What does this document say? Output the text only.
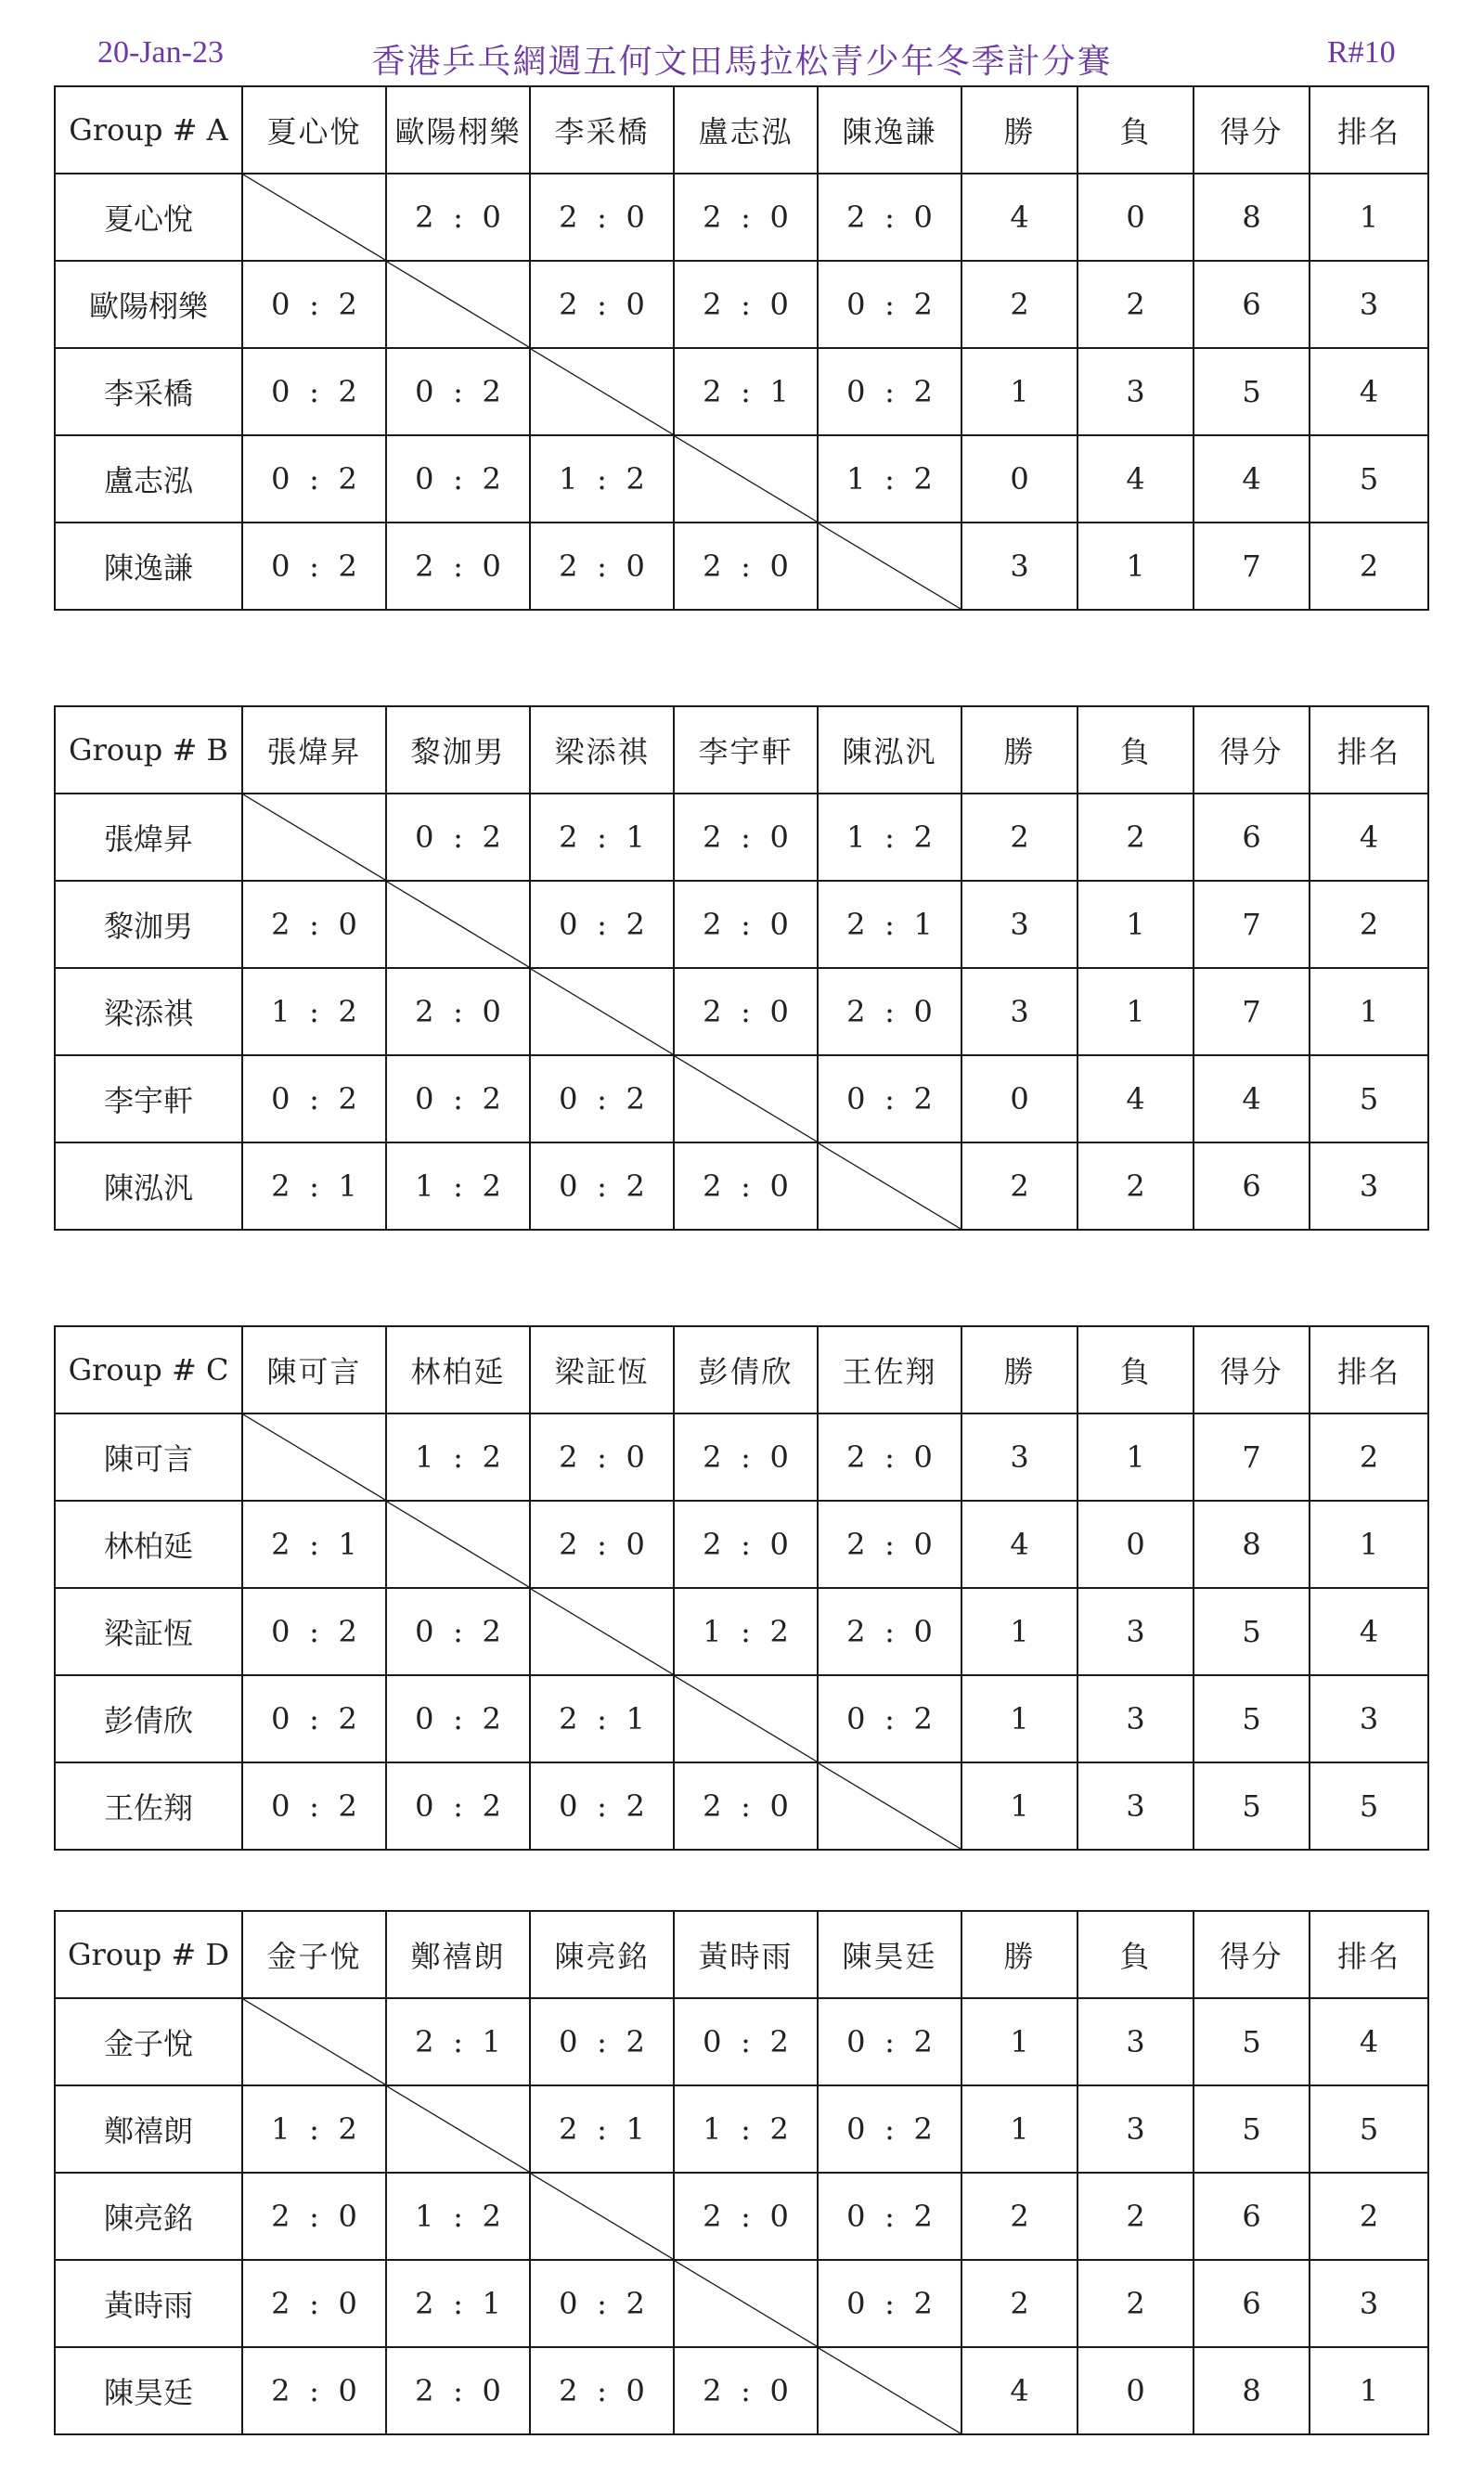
20-Jan-23	香港乒乓網週五何文田馬拉松青少年冬季計分賽	R#10
Group # A	夏心悅	歐陽栩樂	李采橋	盧志泓	陳逸謙	勝	負	得分	排名
夏心悅		2 : 0	2 : 0	2 : 0	2 : 0	4	0	8	1
歐陽栩樂	0 : 2		2 : 0	2 : 0	0 : 2	2	2	6	3
李采橋	0 : 2	0 : 2		2 : 1	0 : 2	1	3	5	4
盧志泓	0 : 2	0 : 2	1 : 2		1 : 2	0	4	4	5
陳逸謙	0 : 2	2 : 0	2 : 0	2 : 0		3	1	7	2
Group # B	張煒昇	黎泇男	梁添祺	李宇軒	陳泓汎	勝	負	得分	排名
張煒昇		0 : 2	2 : 1	2 : 0	1 : 2	2	2	6	4
黎泇男	2 : 0		0 : 2	2 : 0	2 : 1	3	1	7	2
梁添祺	1 : 2	2 : 0		2 : 0	2 : 0	3	1	7	1
李宇軒	0 : 2	0 : 2	0 : 2		0 : 2	0	4	4	5
陳泓汎	2 : 1	1 : 2	0 : 2	2 : 0		2	2	6	3
Group # C	陳可言	林柏延	梁証恆	彭倩欣	王佐翔	勝	負	得分	排名
陳可言		1 : 2	2 : 0	2 : 0	2 : 0	3	1	7	2
林柏延	2 : 1		2 : 0	2 : 0	2 : 0	4	0	8	1
梁証恆	0 : 2	0 : 2		1 : 2	2 : 0	1	3	5	4
彭倩欣	0 : 2	0 : 2	2 : 1		0 : 2	1	3	5	3
王佐翔	0 : 2	0 : 2	0 : 2	2 : 0		1	3	5	5
Group # D	金子悅	鄭禧朗	陳亮銘	黃時雨	陳昊廷	勝	負	得分	排名
金子悅		2 : 1	0 : 2	0 : 2	0 : 2	1	3	5	4
鄭禧朗	1 : 2		2 : 1	1 : 2	0 : 2	1	3	5	5
陳亮銘	2 : 0	1 : 2		2 : 0	0 : 2	2	2	6	2
黃時雨	2 : 0	2 : 1	0 : 2		0 : 2	2	2	6	3
陳昊廷	2 : 0	2 : 0	2 : 0	2 : 0		4	0	8	1
